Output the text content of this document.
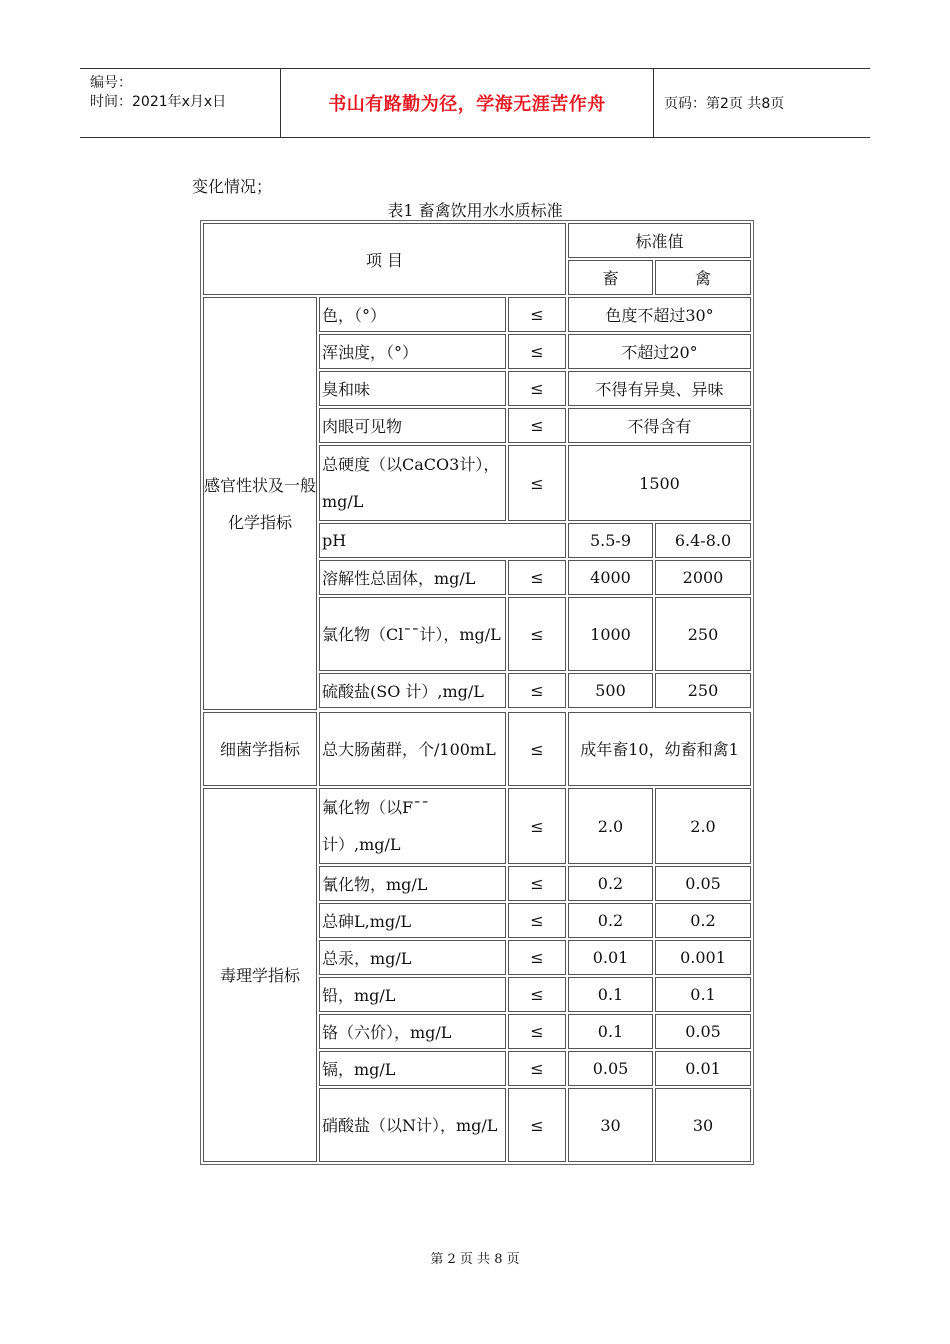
编号：
时间：2021年x月x日	书山有路勤为径，学海无涯苦作舟	页码：第2页 共8页
变化情况；
表1 畜禽饮用水水质标准
项 目			标准值	
			畜	禽
感官性状及一般化学指标	色，（°）	≤	色度不超过30°	
	浑浊度，（°）	≤	不超过20°	
	臭和味	≤	不得有异臭、异味	
	肉眼可见物	≤	不得含有	
	总硬度（以CaCO3计），mg/L	≤	1500	
	pH		5.5-9	6.4-8.0
	溶解性总固体，mg/L	≤	4000	2000
	氯化物（Cl¯¯计），mg/L	≤	1000	250
	硫酸盐(SO 计）,mg/L	≤	500	250

细菌学指标	总大肠菌群，个/100mL	≤	成年畜10，幼畜和禽1	
毒理学指标	氟化物（以F¯¯计）,mg/L	≤	2.0	2.0
	氰化物，mg/L	≤	0.2	0.05
	总砷L,mg/L	≤	0.2	0.2
	总汞，mg/L	≤	0.01	0.001
	铅，mg/L	≤	0.1	0.1
	铬（六价），mg/L	≤	0.1	0.05
	镉，mg/L	≤	0.05	0.01
	硝酸盐（以N计），mg/L	≤	30	30
第 2 页 共 8 页
